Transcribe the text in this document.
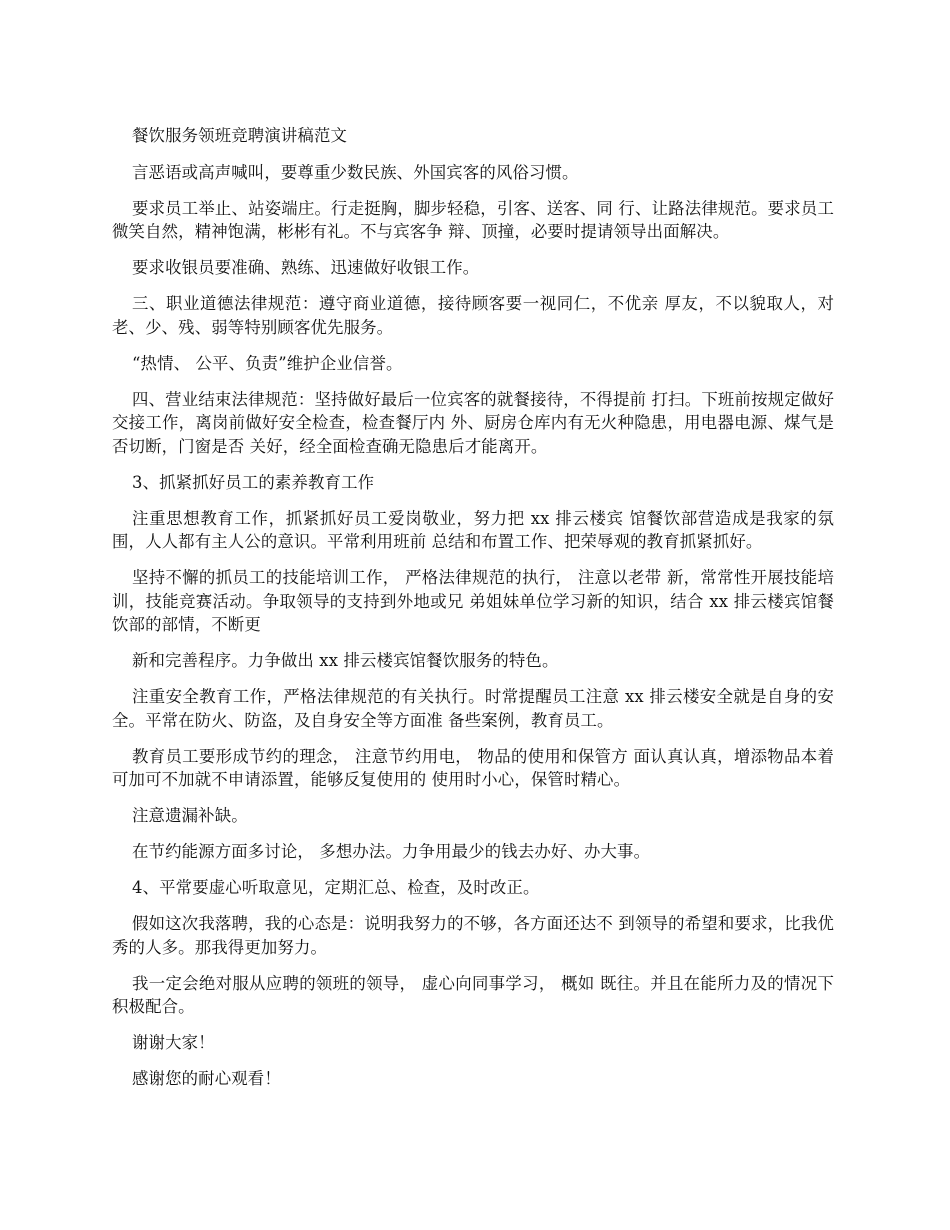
餐饮服务领班竞聘演讲稿范文

言恶语或高声喊叫，要尊重少数民族、外国宾客的风俗习惯。

要求员工举止、站姿端庄。行走挺胸，脚步轻稳，引客、送客、同 行、让路法律规范。要求员工微笑自然，精神饱满，彬彬有礼。不与宾客争 辩、顶撞，必要时提请领导出面解决。

要求收银员要准确、熟练、迅速做好收银工作。

三、职业道德法律规范：遵守商业道德，接待顾客要一视同仁，不优亲 厚友，不以貌取人，对老、少、残、弱等特别顾客优先服务。

“热情、 公平、负责”维护企业信誉。

四、营业结束法律规范：坚持做好最后一位宾客的就餐接待，不得提前 打扫。下班前按规定做好交接工作，离岗前做好安全检查，检查餐厅内 外、厨房仓库内有无火种隐患，用电器电源、煤气是否切断，门窗是否 关好，经全面检查确无隐患后才能离开。

3、抓紧抓好员工的素养教育工作

注重思想教育工作，抓紧抓好员工爱岗敬业，努力把 xx 排云楼宾 馆餐饮部营造成是我家的氛围，人人都有主人公的意识。平常利用班前 总结和布置工作、把荣辱观的教育抓紧抓好。

坚持不懈的抓员工的技能培训工作， 严格法律规范的执行， 注意以老带 新，常常性开展技能培训，技能竞赛活动。争取领导的支持到外地或兄 弟姐妹单位学习新的知识，结合 xx 排云楼宾馆餐饮部的部情，不断更

新和完善程序。力争做出 xx 排云楼宾馆餐饮服务的特色。

注重安全教育工作，严格法律规范的有关执行。时常提醒员工注意 xx 排云楼安全就是自身的安全。平常在防火、防盗，及自身安全等方面准 备些案例，教育员工。

教育员工要形成节约的理念， 注意节约用电， 物品的使用和保管方 面认真认真，增添物品本着可加可不加就不申请添置，能够反复使用的 使用时小心，保管时精心。

注意遗漏补缺。

在节约能源方面多讨论， 多想办法。力争用最少的钱去办好、办大事。

4、平常要虚心听取意见，定期汇总、检查，及时改正。

假如这次我落聘，我的心态是：说明我努力的不够，各方面还达不 到领导的希望和要求，比我优秀的人多。那我得更加努力。

我一定会绝对服从应聘的领班的领导， 虚心向同事学习， 概如 既往。并且在能所力及的情况下积极配合。

谢谢大家！

感谢您的耐心观看！
